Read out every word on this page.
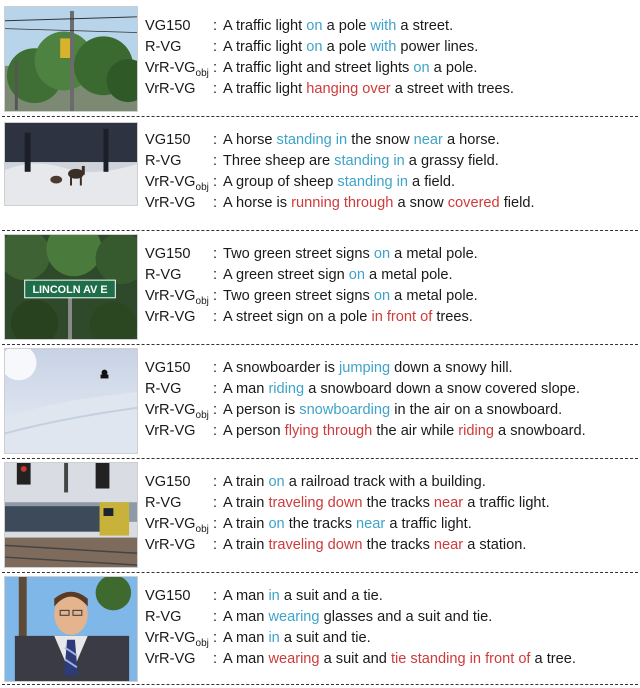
VG150 : A traffic light on a pole with a street.
R-VG : A traffic light on a pole with power lines.
VrR-$VG_{obj}$ : A traffic light and street lights on a pole.
VrR-VG : A traffic light hanging over a street with trees.
VG150 : A horse standing in the snow near a horse.
R-VG : Three sheep are standing in a grassy field.
VrR-$VG_{obj}$ : A group of sheep standing in a field.
VrR-VG : A horse is running through a snow covered field.
LINCOLN AV E
VG150 : Two green street signs on a metal pole.
R-VG : A green street sign on a metal pole.
VrR-$VG_{obj}$ : Two green street signs on a metal pole.
VrR-VG : A street sign on a pole in front of trees.
VG150 : A snowboarder is jumping down a snowy hill.
R-VG : A man riding a snowboard down a snow covered slope.
VrR-$VG_{obj}$ : A person is snowboarding in the air on a snowboard.
VrR-VG : A person flying through the air while riding a snowboard.
VG150 : A train on a railroad track with a building.
R-VG : A train traveling down the tracks near a traffic light.
VrR-$VG_{obj}$ : A train on the tracks near a traffic light.
VrR-VG : A train traveling down the tracks near a station.
VG150 : A man in a suit and a tie.
R-VG : A man wearing glasses and a suit and tie.
VrR-$VG_{obj}$ : A man in a suit and tie.
VrR-VG : A man wearing a suit and tie standing in front of a tree.
